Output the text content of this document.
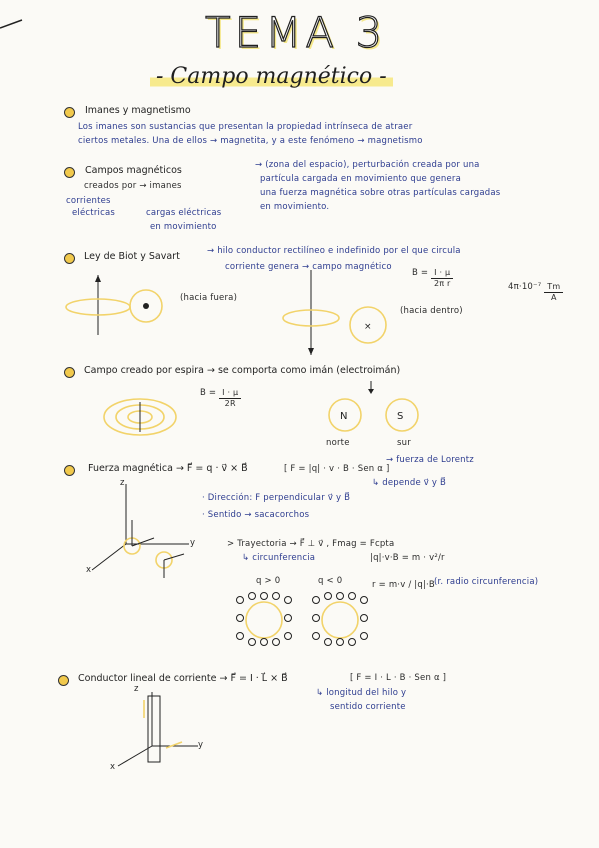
TEMA 3
- Campo magnético -
Imanes y magnetismo
Los imanes son sustancias que presentan la propiedad intrínseca de atraer
ciertos metales. Una de ellos → magnetita, y a este fenómeno → magnetismo
Campos magnéticos	→ (zona del espacio), perturbación creada por una
partícula cargada en movimiento que genera
una fuerza magnética sobre otras partículas cargadas
en movimiento.
creados por → imanes
corrientes
eléctricas	cargas eléctricas
en movimiento
Ley de Biot y Savart	→ hilo conductor rectilíneo e indefinido por el que circula
corriente genera → campo magnético
$B = \frac{I \cdot \mu}{\text{2π r}}$	$4\pi\cdot 10^{-7} \frac{Tm}{A}$
(hacia fuera)
×
(hacia dentro)
Campo creado por espira → se comporta como imán (electroimán)
$B = \frac{I \cdot \mu}{2R}$
N	S
norte	sur
Fuerza magnética → F⃗ = q · v⃗ × B⃗	[ F = |q| · v · B · Sen α ]
→ fuerza de Lorentz
↳ depende v⃗ y B⃗
· Dirección: F perpendicular v⃗ y B⃗
· Sentido → sacacorchos
z
y
x
> Trayectoria → F⃗ ⊥ v⃗ , Fmag = Fcpta
↳ circunferencia	|q|·v·B = m · v²/r
q > 0	q < 0	r = m·v / |q|·B (r. radio circunferencia)
Conductor lineal de corriente → F⃗ = I · L⃗ × B⃗	[ F = I · L · B · Sen α ]
↳ longitud del hilo y
sentido corriente
z
y
x
